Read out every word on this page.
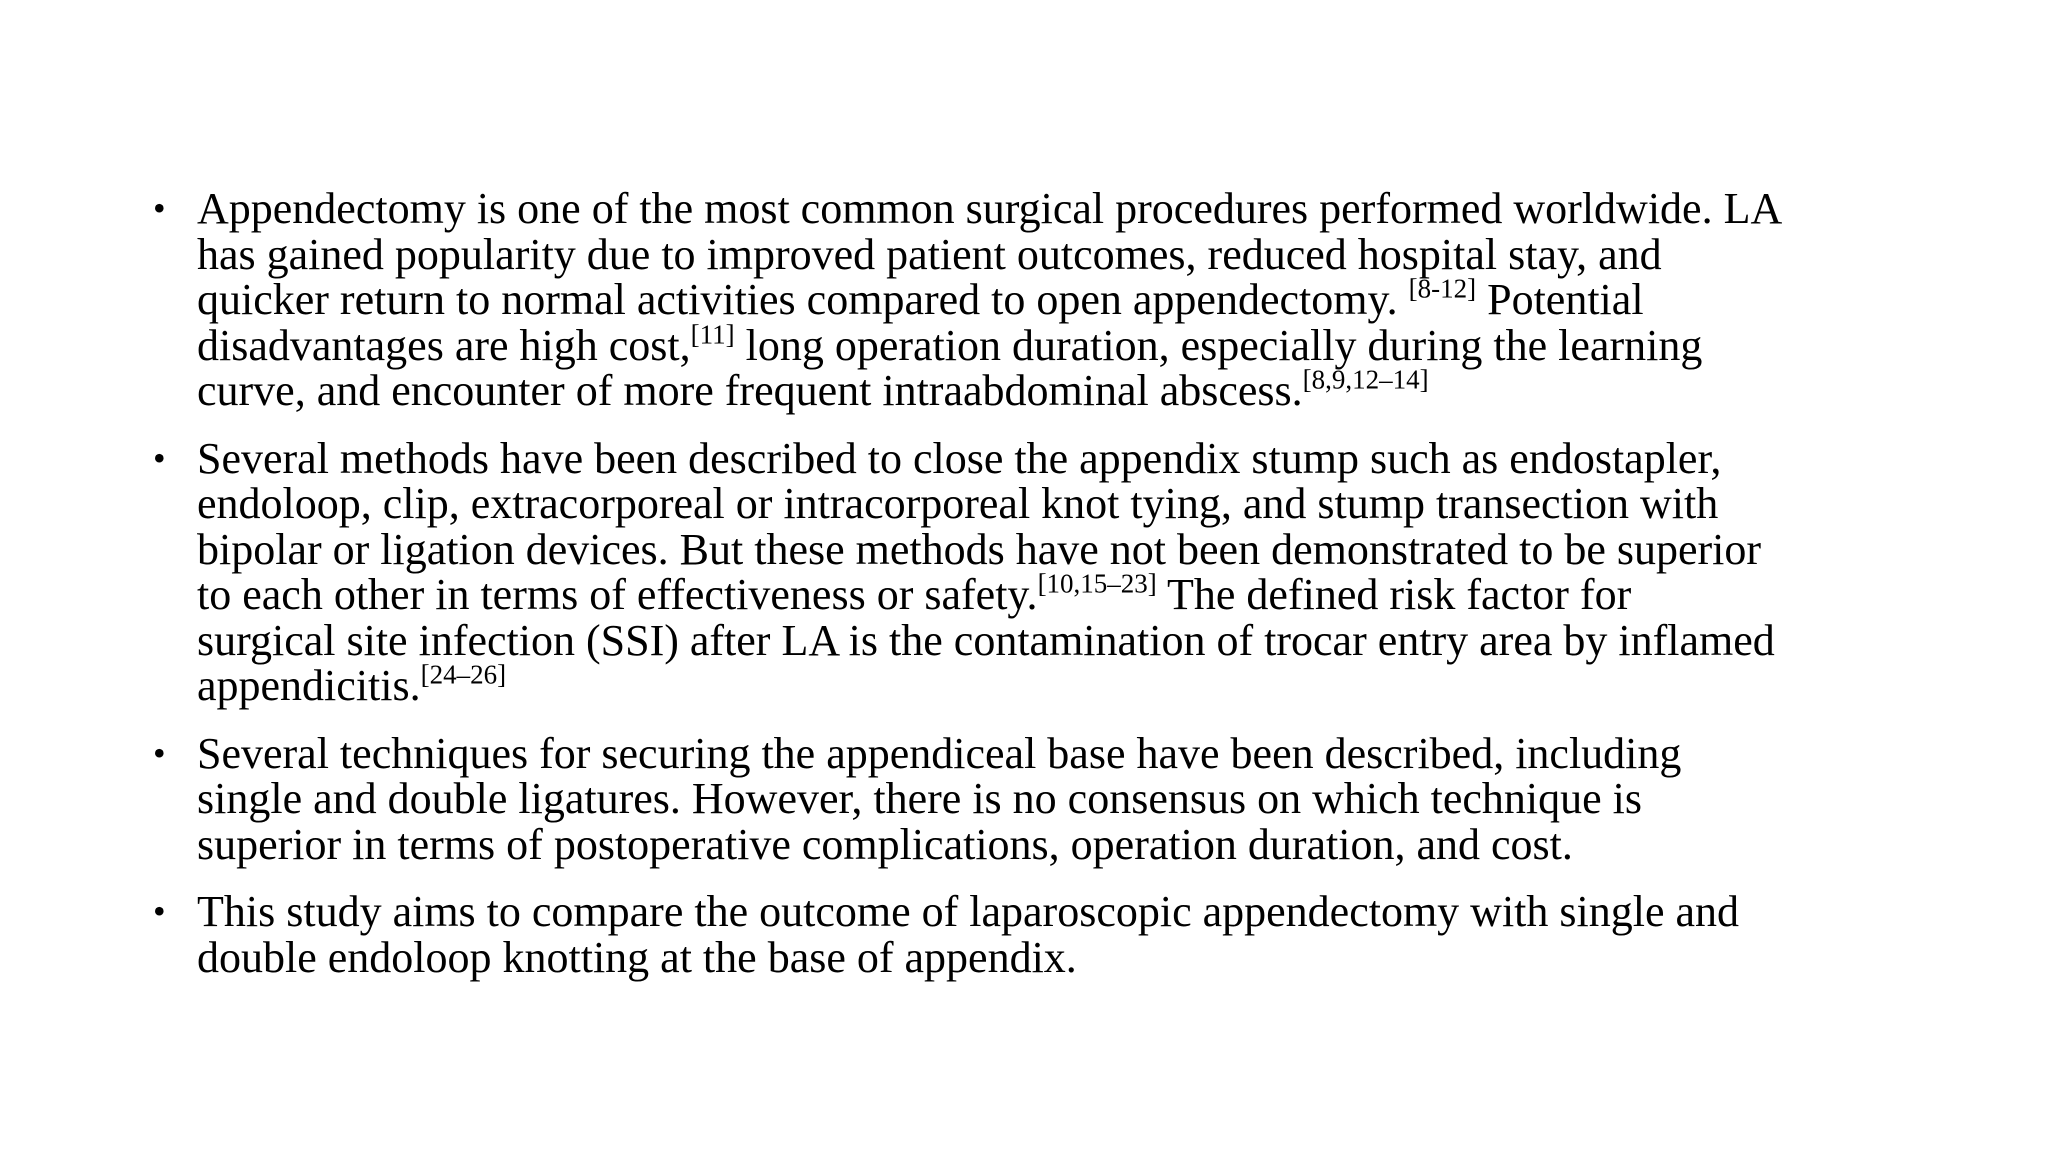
• Appendectomy is one of the most common surgical procedures performed worldwide. LA
has gained popularity due to improved patient outcomes, reduced hospital stay, and
quicker return to normal activities compared to open appendectomy. [8-12] Potential
disadvantages are high cost,[11] long operation duration, especially during the learning
curve, and encounter of more frequent intraabdominal abscess.[8,9,12–14]
• Several methods have been described to close the appendix stump such as endostapler,
endoloop, clip, extracorporeal or intracorporeal knot tying, and stump transection with
bipolar or ligation devices. But these methods have not been demonstrated to be superior
to each other in terms of effectiveness or safety.[10,15–23] The defined risk factor for
surgical site infection (SSI) after LA is the contamination of trocar entry area by inflamed
appendicitis.[24–26]
• Several techniques for securing the appendiceal base have been described, including
single and double ligatures. However, there is no consensus on which technique is
superior in terms of postoperative complications, operation duration, and cost.
• This study aims to compare the outcome of laparoscopic appendectomy with single and
double endoloop knotting at the base of appendix.
